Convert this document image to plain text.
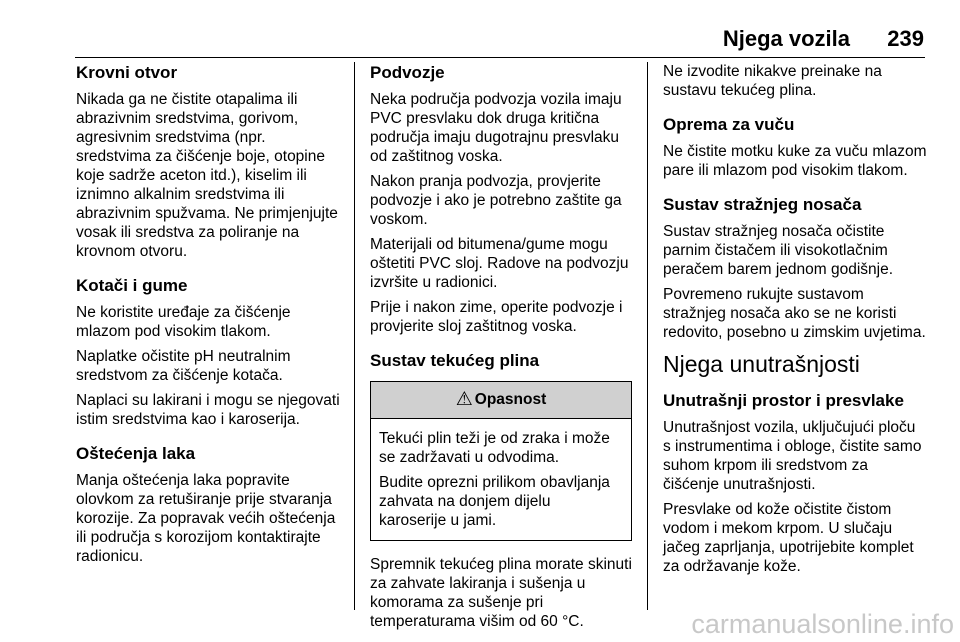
Njega vozila 239
Krovni otvor

Nikada ga ne čistite otapalima ili abrazivnim sredstvima, gorivom, agresivnim sredstvima (npr. sredstvima za čišćenje boje, otopine koje sadrže aceton itd.), kiselim ili iznimno alkalnim sredstvima ili abrazivnim spužvama. Ne primjenjujte vosak ili sredstva za poliranje na krovnom otvoru.

Kotači i gume

Ne koristite uređaje za čišćenje mlazom pod visokim tlakom.

Naplatke očistite pH neutralnim sredstvom za čišćenje kotača.

Naplaci su lakirani i mogu se njegovati istim sredstvima kao i karoserija.

Oštećenja laka

Manja oštećenja laka popravite olovkom za retuširanje prije stvaranja korozije. Za popravak većih oštećenja ili područja s korozijom kontaktirajte radionicu.

Podvozje

Neka područja podvozja vozila imaju PVC presvlaku dok druga kritična područja imaju dugotrajnu presvlaku od zaštitnog voska.

Nakon pranja podvozja, provjerite podvozje i ako je potrebno zaštite ga voskom.

Materijali od bitumena/gume mogu oštetiti PVC sloj. Radove na podvozju izvršite u radionici.

Prije i nakon zime, operite podvozje i provjerite sloj zaštitnog voska.

Sustav tekućeg plina
⚠ Opasnost

Tekući plin teži je od zraka i može se zadržavati u odvodima.

Budite oprezni prilikom obavljanja zahvata na donjem dijelu karoserije u jami.

Spremnik tekućeg plina morate skinuti za zahvate lakiranja i sušenja u komorama za sušenje pri temperaturama višim od 60 °C.

Ne izvodite nikakve preinake na sustavu tekućeg plina.

Oprema za vuču

Ne čistite motku kuke za vuču mlazom pare ili mlazom pod visokim tlakom.

Sustav stražnjeg nosača

Sustav stražnjeg nosača očistite parnim čistačem ili visokotlačnim peračem barem jednom godišnje.

Povremeno rukujte sustavom stražnjeg nosača ako se ne koristi redovito, posebno u zimskim uvjetima.

Njega unutrašnjosti
Unutrašnji prostor i presvlake

Unutrašnjost vozila, uključujući ploču s instrumentima i obloge, čistite samo suhom krpom ili sredstvom za čišćenje unutrašnjosti.

Presvlake od kože očistite čistom vodom i mekom krpom. U slučaju jačeg zaprljanja, upotrijebite komplet za održavanje kože.

carmanualsonline.info
